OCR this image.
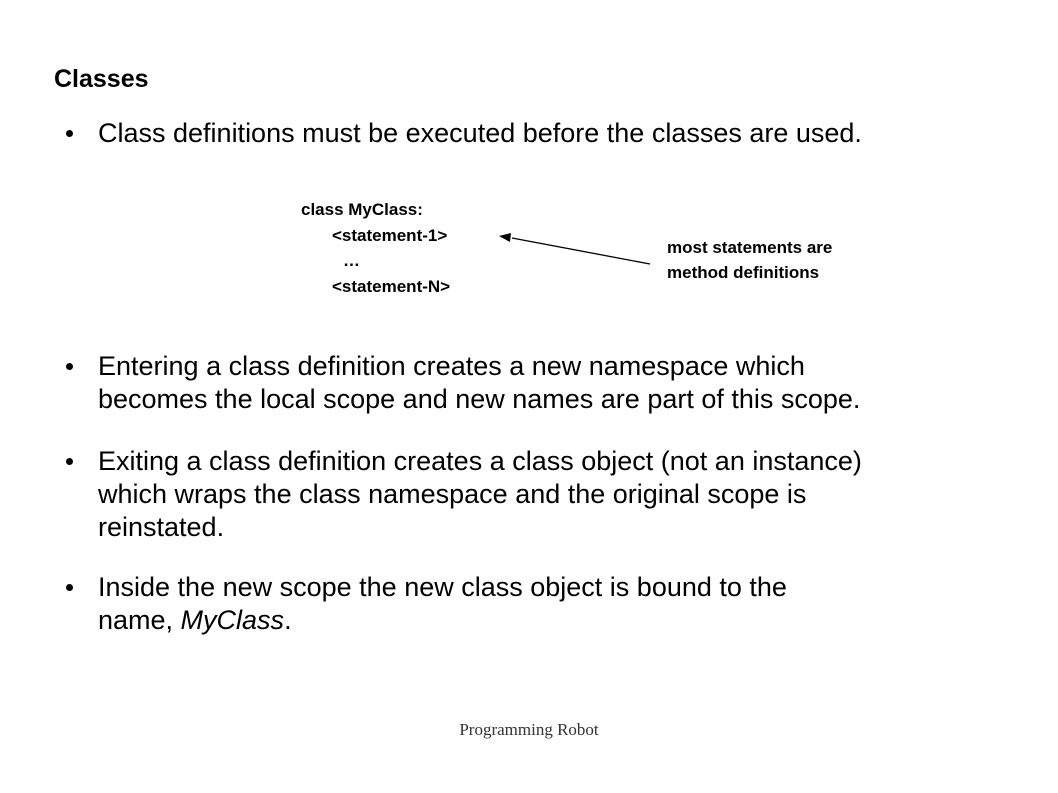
Classes
Class definitions must be executed before the classes are used.
class MyClass:
<statement-1>
…
<statement-N>
most statements are
method definitions
Entering a class definition creates a new namespace which
becomes the local scope and new names are part of this scope.
Exiting a class definition creates a class object (not an instance)
which wraps the class namespace and the original scope is
reinstated.
Inside the new scope the new class object is bound to the
name, MyClass.
Programming Robot
